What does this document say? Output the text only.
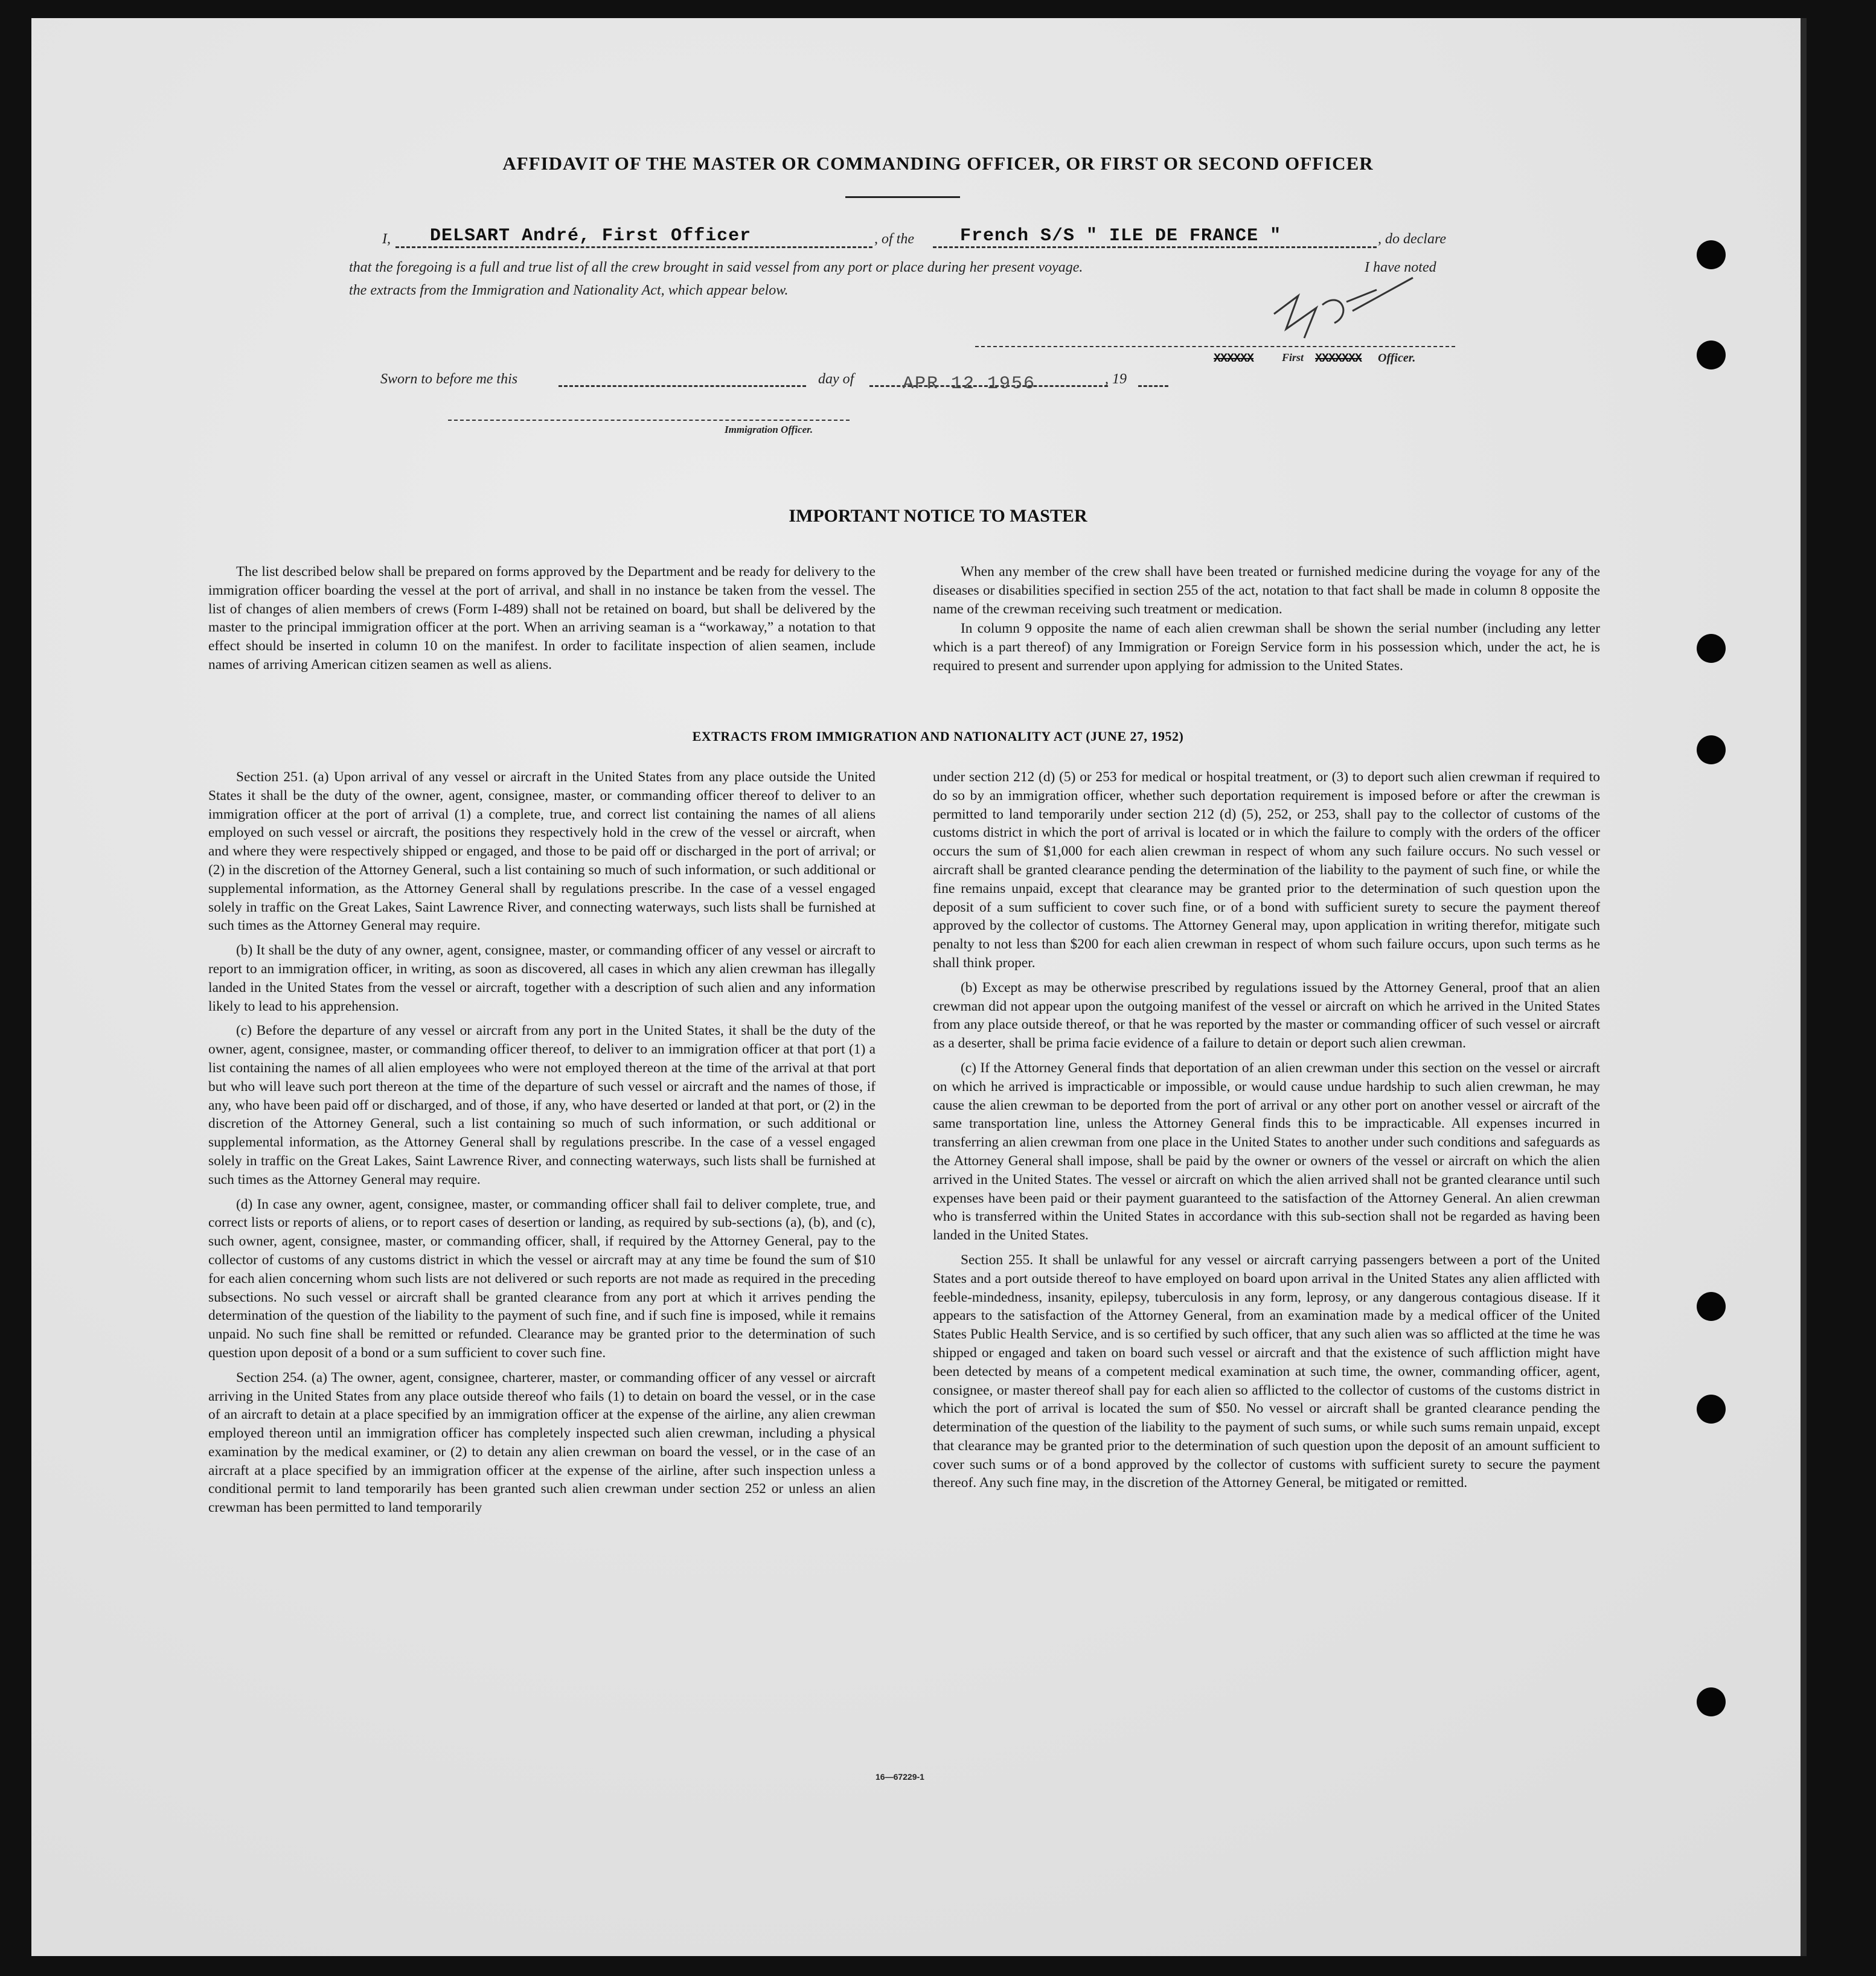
AFFIDAVIT OF THE MASTER OR COMMANDING OFFICER, OR FIRST OR SECOND OFFICER
I, DELSART André, First Officer	, of the	French S/S " ILE DE FRANCE "	, do declare
that the foregoing is a full and true list of all the crew brought in said vessel from any port or place during her present voyage.	I have noted
the extracts from the Immigration and Nationality Act, which appear below.
XXXXXX	First XXXXXXX Officer.
Sworn to before me this	day of	APR 12 1956	, 19
Immigration Officer.
IMPORTANT NOTICE TO MASTER

The list described below shall be prepared on forms approved by the Department and be ready for delivery to the immigration officer boarding the vessel at the port of arrival, and shall in no instance be taken from the vessel. The list of changes of alien members of crews (Form I-489) shall not be retained on board, but shall be delivered by the master to the principal immigration officer at the port. When an arriving seaman is a “workaway,” a notation to that effect should be inserted in column 10 on the manifest. In order to facilitate inspection of alien seamen, include names of arriving American citizen seamen as well as aliens.

When any member of the crew shall have been treated or furnished medicine during the voyage for any of the diseases or disabilities specified in section 255 of the act, notation to that fact shall be made in column 8 opposite the name of the crewman receiving such treatment or medication.

In column 9 opposite the name of each alien crewman shall be shown the serial number (including any letter which is a part thereof) of any Immigration or Foreign Service form in his possession which, under the act, he is required to present and surrender upon applying for admission to the United States.

EXTRACTS FROM IMMIGRATION AND NATIONALITY ACT (JUNE 27, 1952)

Section 251. (a) Upon arrival of any vessel or aircraft in the United States from any place outside the United States it shall be the duty of the owner, agent, consignee, master, or commanding officer thereof to deliver to an immigration officer at the port of arrival (1) a complete, true, and correct list containing the names of all aliens employed on such vessel or aircraft, the positions they respectively hold in the crew of the vessel or aircraft, when and where they were respectively shipped or engaged, and those to be paid off or discharged in the port of arrival; or (2) in the discretion of the Attorney General, such a list containing so much of such information, or such additional or supplemental information, as the Attorney General shall by regulations prescribe. In the case of a vessel engaged solely in traffic on the Great Lakes, Saint Lawrence River, and connecting waterways, such lists shall be furnished at such times as the Attorney General may require.

(b) It shall be the duty of any owner, agent, consignee, master, or commanding officer of any vessel or aircraft to report to an immigration officer, in writing, as soon as discovered, all cases in which any alien crewman has illegally landed in the United States from the vessel or aircraft, together with a description of such alien and any information likely to lead to his apprehension.

(c) Before the departure of any vessel or aircraft from any port in the United States, it shall be the duty of the owner, agent, consignee, master, or commanding officer thereof, to deliver to an immigration officer at that port (1) a list containing the names of all alien employees who were not employed thereon at the time of the arrival at that port but who will leave such port thereon at the time of the departure of such vessel or aircraft and the names of those, if any, who have been paid off or discharged, and of those, if any, who have deserted or landed at that port, or (2) in the discretion of the Attorney General, such a list containing so much of such information, or such additional or supplemental information, as the Attorney General shall by regulations prescribe. In the case of a vessel engaged solely in traffic on the Great Lakes, Saint Lawrence River, and connecting waterways, such lists shall be furnished at such times as the Attorney General may require.

(d) In case any owner, agent, consignee, master, or commanding officer shall fail to deliver complete, true, and correct lists or reports of aliens, or to report cases of desertion or landing, as required by sub-sections (a), (b), and (c), such owner, agent, consignee, master, or commanding officer, shall, if required by the Attorney General, pay to the collector of customs of any customs district in which the vessel or aircraft may at any time be found the sum of $10 for each alien concerning whom such lists are not delivered or such reports are not made as required in the preceding subsections. No such vessel or aircraft shall be granted clearance from any port at which it arrives pending the determination of the question of the liability to the payment of such fine, and if such fine is imposed, while it remains unpaid. No such fine shall be remitted or refunded. Clearance may be granted prior to the determination of such question upon deposit of a bond or a sum sufficient to cover such fine.

Section 254. (a) The owner, agent, consignee, charterer, master, or commanding officer of any vessel or aircraft arriving in the United States from any place outside thereof who fails (1) to detain on board the vessel, or in the case of an aircraft to detain at a place specified by an immigration officer at the expense of the airline, any alien crewman employed thereon until an immigration officer has completely inspected such alien crewman, including a physical examination by the medical examiner, or (2) to detain any alien crewman on board the vessel, or in the case of an aircraft at a place specified by an immigration officer at the expense of the airline, after such inspection unless a conditional permit to land temporarily has been granted such alien crewman under section 252 or unless an alien crewman has been permitted to land temporarily

under section 212 (d) (5) or 253 for medical or hospital treatment, or (3) to deport such alien crewman if required to do so by an immigration officer, whether such deportation requirement is imposed before or after the crewman is permitted to land temporarily under section 212 (d) (5), 252, or 253, shall pay to the collector of customs of the customs district in which the port of arrival is located or in which the failure to comply with the orders of the officer occurs the sum of $1,000 for each alien crewman in respect of whom any such failure occurs. No such vessel or aircraft shall be granted clearance pending the determination of the liability to the payment of such fine, or while the fine remains unpaid, except that clearance may be granted prior to the determination of such question upon the deposit of a sum sufficient to cover such fine, or of a bond with sufficient surety to secure the payment thereof approved by the collector of customs. The Attorney General may, upon application in writing therefor, mitigate such penalty to not less than $200 for each alien crewman in respect of whom such failure occurs, upon such terms as he shall think proper.

(b) Except as may be otherwise prescribed by regulations issued by the Attorney General, proof that an alien crewman did not appear upon the outgoing manifest of the vessel or aircraft on which he arrived in the United States from any place outside thereof, or that he was reported by the master or commanding officer of such vessel or aircraft as a deserter, shall be prima facie evidence of a failure to detain or deport such alien crewman.

(c) If the Attorney General finds that deportation of an alien crewman under this section on the vessel or aircraft on which he arrived is impracticable or impossible, or would cause undue hardship to such alien crewman, he may cause the alien crewman to be deported from the port of arrival or any other port on another vessel or aircraft of the same transportation line, unless the Attorney General finds this to be impracticable. All expenses incurred in transferring an alien crewman from one place in the United States to another under such conditions and safeguards as the Attorney General shall impose, shall be paid by the owner or owners of the vessel or aircraft on which the alien arrived in the United States. The vessel or aircraft on which the alien arrived shall not be granted clearance until such expenses have been paid or their payment guaranteed to the satisfaction of the Attorney General. An alien crewman who is transferred within the United States in accordance with this sub-section shall not be regarded as having been landed in the United States.

Section 255. It shall be unlawful for any vessel or aircraft carrying passengers between a port of the United States and a port outside thereof to have employed on board upon arrival in the United States any alien afflicted with feeble-mindedness, insanity, epilepsy, tuberculosis in any form, leprosy, or any dangerous contagious disease. If it appears to the satisfaction of the Attorney General, from an examination made by a medical officer of the United States Public Health Service, and is so certified by such officer, that any such alien was so afflicted at the time he was shipped or engaged and taken on board such vessel or aircraft and that the existence of such affliction might have been detected by means of a competent medical examination at such time, the owner, commanding officer, agent, consignee, or master thereof shall pay for each alien so afflicted to the collector of customs of the customs district in which the port of arrival is located the sum of $50. No vessel or aircraft shall be granted clearance pending the determination of the question of the liability to the payment of such sums, or while such sums remain unpaid, except that clearance may be granted prior to the determination of such question upon the deposit of an amount sufficient to cover such sums or of a bond approved by the collector of customs with sufficient surety to secure the payment thereof. Any such fine may, in the discretion of the Attorney General, be mitigated or remitted.

16—67229-1
